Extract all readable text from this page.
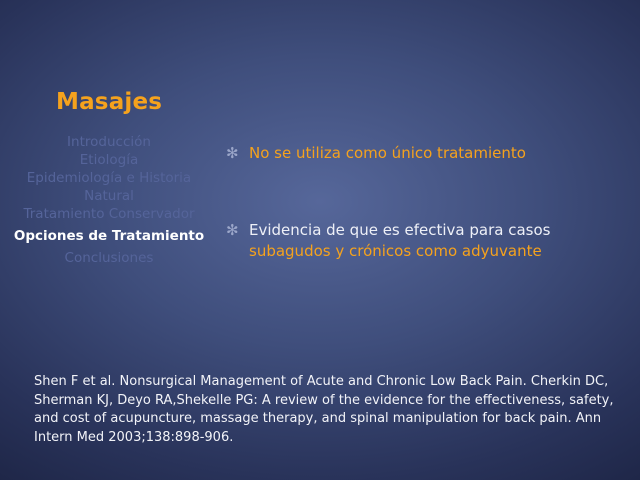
Masajes
Introducción
Etiología
Epidemiología e Historia Natural
Tratamiento Conservador
Opciones de Tratamiento
Conclusiones
✻ No se utiliza como único tratamiento
✻ Evidencia de que es efectiva para casos
subagudos y crónicos como adyuvante
Shen F et al. Nonsurgical Management of Acute and Chronic Low Back Pain. Cherkin DC, Sherman KJ, Deyo RA,Shekelle PG: A review of the evidence for the effectiveness, safety, and cost of acupuncture, massage therapy, and spinal manipulation for back pain. Ann Intern Med 2003;138:898-906.
